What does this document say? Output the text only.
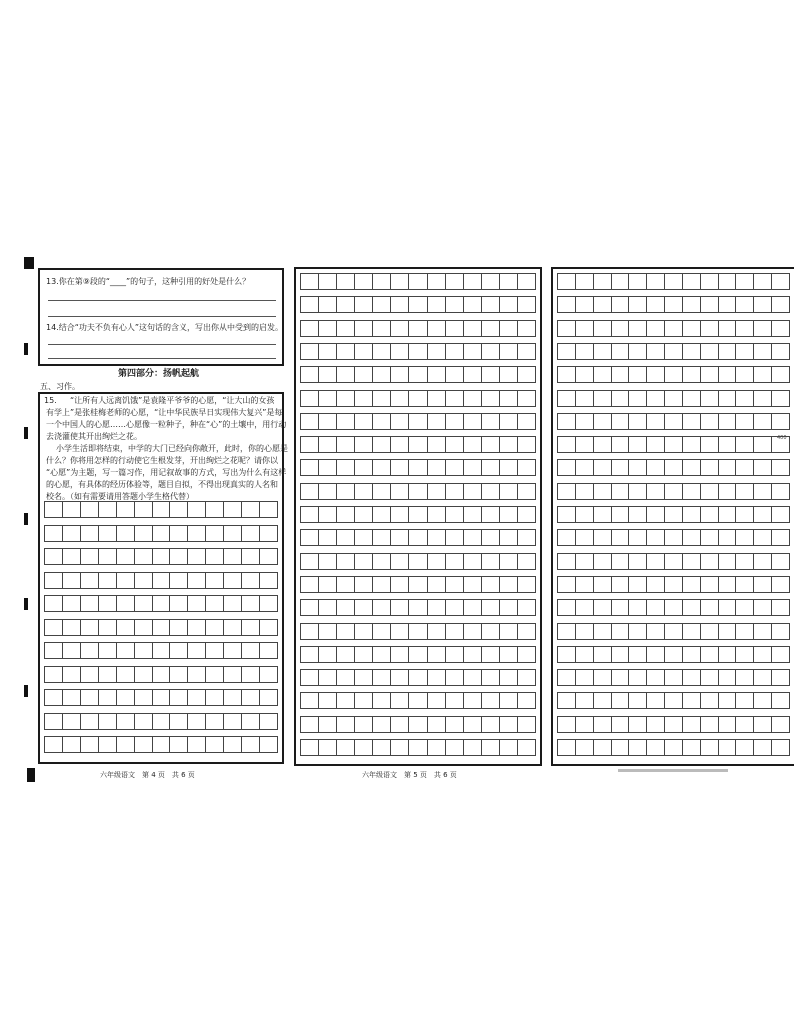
13.你在第⑨段的“____”的句子，这种引用的好处是什么？
14.结合“功夫不负有心人”这句话的含义，写出你从中受到的启发。
第四部分：扬帆起航
五、习作。
15. “让所有人远离饥饿”是袁隆平爷爷的心愿，“让大山的女孩
有学上”是张桂梅老师的心愿，“让中华民族早日实现伟大复兴”是每
一个中国人的心愿……心愿像一粒种子，种在“心”的土壤中，用行动
去浇灌使其开出绚烂之花。
小学生活即将结束，中学的大门已经向你敞开，此时，你的心愿是
什么？你将用怎样的行动使它生根发芽，开出绚烂之花呢？请你以
“心愿”为主题，写一篇习作，用记叙故事的方式，写出为什么有这样
的心愿，有具体的经历体验等，题目自拟，不得出现真实的人名和
校名。（如有需要请用答题小学生格代替）
六年级语文　第 4 页　共 6 页	六年级语文　第 5 页　共 6 页
400
